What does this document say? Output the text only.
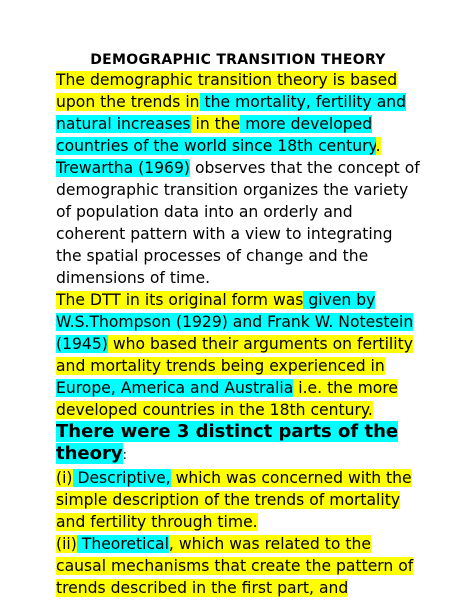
DEMOGRAPHIC TRANSITION THEORY

The demographic transition theory is based upon the trends in the mortality, fertility and natural increases in the more developed countries of the world since 18th century. Trewartha (1969) observes that the concept of demographic transition organizes the variety of population data into an orderly and coherent pattern with a view to integrating the spatial processes of change and the dimensions of time.

The DTT in its original form was given by W.S.Thompson (1929) and Frank W. Notestein (1945) who based their arguments on fertility and mortality trends being experienced in Europe, America and Australia i.e. the more developed countries in the 18th century.

There were 3 distinct parts of the theory:

(i) Descriptive, which was concerned with the simple description of the trends of mortality and fertility through time.

(ii) Theoretical, which was related to the causal mechanisms that create the pattern of trends described in the first part, and
